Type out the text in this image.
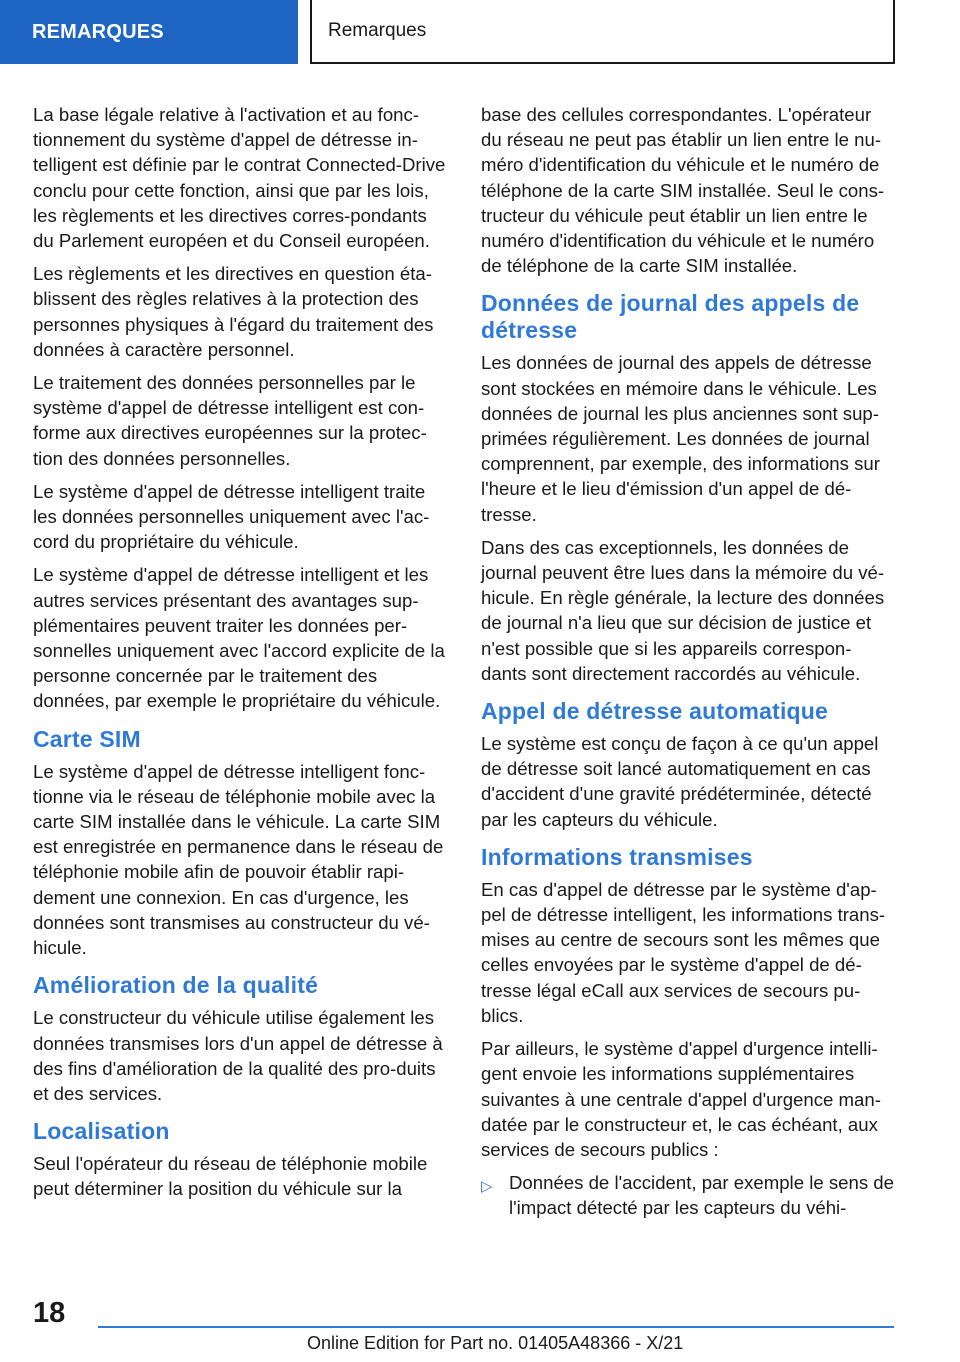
REMARQUES	Remarques

La base légale relative à l'activation et au fonc-tionnement du système d'appel de détresse in-telligent est définie par le contrat Connected-Drive conclu pour cette fonction, ainsi que par les lois, les règlements et les directives corres-pondants du Parlement européen et du Conseil européen.

Les règlements et les directives en question éta-blissent des règles relatives à la protection des personnes physiques à l'égard du traitement des données à caractère personnel.

Le traitement des données personnelles par le système d'appel de détresse intelligent est con-forme aux directives européennes sur la protec-tion des données personnelles.

Le système d'appel de détresse intelligent traite les données personnelles uniquement avec l'ac-cord du propriétaire du véhicule.

Le système d'appel de détresse intelligent et les autres services présentant des avantages sup-plémentaires peuvent traiter les données per-sonnelles uniquement avec l'accord explicite de la personne concernée par le traitement des données, par exemple le propriétaire du véhicule.

Carte SIM

Le système d'appel de détresse intelligent fonc-tionne via le réseau de téléphonie mobile avec la carte SIM installée dans le véhicule. La carte SIM est enregistrée en permanence dans le réseau de téléphonie mobile afin de pouvoir établir rapi-dement une connexion. En cas d'urgence, les données sont transmises au constructeur du vé-hicule.

Amélioration de la qualité

Le constructeur du véhicule utilise également les données transmises lors d'un appel de détresse à des fins d'amélioration de la qualité des pro-duits et des services.

Localisation

Seul l'opérateur du réseau de téléphonie mobile peut déterminer la position du véhicule sur la

base des cellules correspondantes. L'opérateur du réseau ne peut pas établir un lien entre le nu-méro d'identification du véhicule et le numéro de téléphone de la carte SIM installée. Seul le cons-tructeur du véhicule peut établir un lien entre le numéro d'identification du véhicule et le numéro de téléphone de la carte SIM installée.

Données de journal des appels de détresse

Les données de journal des appels de détresse sont stockées en mémoire dans le véhicule. Les données de journal les plus anciennes sont sup-primées régulièrement. Les données de journal comprennent, par exemple, des informations sur l'heure et le lieu d'émission d'un appel de dé-tresse.

Dans des cas exceptionnels, les données de journal peuvent être lues dans la mémoire du vé-hicule. En règle générale, la lecture des données de journal n'a lieu que sur décision de justice et n'est possible que si les appareils correspon-dants sont directement raccordés au véhicule.

Appel de détresse automatique

Le système est conçu de façon à ce qu'un appel de détresse soit lancé automatiquement en cas d'accident d'une gravité prédéterminée, détecté par les capteurs du véhicule.

Informations transmises

En cas d'appel de détresse par le système d'ap-pel de détresse intelligent, les informations trans-mises au centre de secours sont les mêmes que celles envoyées par le système d'appel de dé-tresse légal eCall aux services de secours pu-blics.

Par ailleurs, le système d'appel d'urgence intelli-gent envoie les informations supplémentaires suivantes à une centrale d'appel d'urgence man-datée par le constructeur et, le cas échéant, aux services de secours publics :

▷ Données de l'accident, par exemple le sens de l'impact détecté par les capteurs du véhi-

18
Online Edition for Part no. 01405A48366 - X/21
